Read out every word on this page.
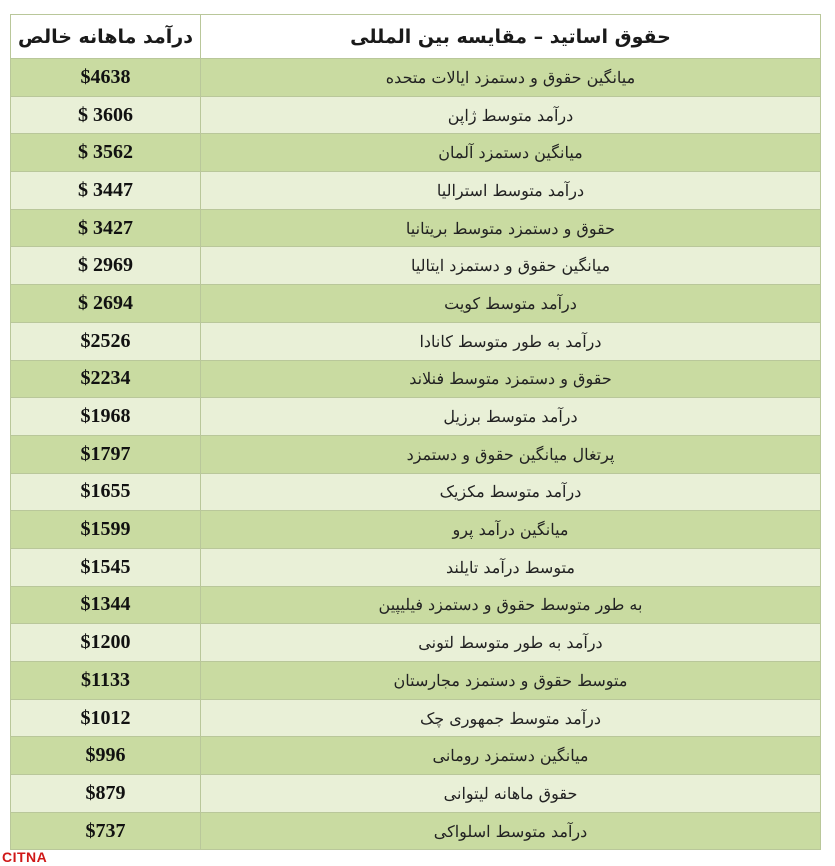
درآمد ماهانه خالص	حقوق اساتید – مقایسه بین المللی
$4638	میانگین حقوق و دستمزد ایالات متحده
$ 3606	درآمد متوسط ژاپن
$ 3562	میانگین دستمزد آلمان
$ 3447	درآمد متوسط استرالیا
$ 3427	حقوق و دستمزد متوسط بریتانیا
$ 2969	میانگین حقوق و دستمزد ایتالیا
$ 2694	درآمد متوسط کویت
$2526	درآمد به طور متوسط کانادا
$2234	حقوق و دستمزد متوسط فنلاند
$1968	درآمد متوسط برزیل
$1797	پرتغال میانگین حقوق و دستمزد
$1655	درآمد متوسط مکزیک
$1599	میانگین درآمد پرو
$1545	متوسط درآمد تایلند
$1344	به طور متوسط حقوق و دستمزد فیلیپین
$1200	درآمد به طور متوسط لتونی
$1133	متوسط حقوق و دستمزد مجارستان
$1012	درآمد متوسط جمهوری چک
$996	میانگین دستمزد رومانی
$879	حقوق ماهانه لیتوانی
$737	درآمد متوسط اسلواکی
CITNA
